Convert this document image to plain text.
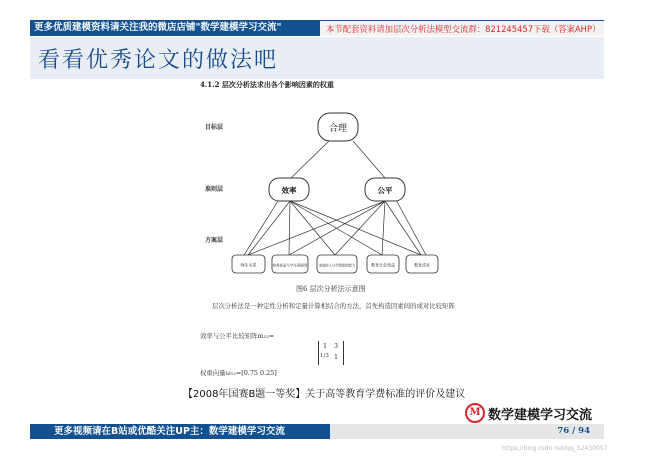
更多优质建模资料请关注我的微店店铺"数学建模学习交流"	本节配套资料请加层次分析法模型交流群：821245457下载（答案AHP）
看看优秀论文的做法吧
4.1.2 层次分析法求出各个影响因素的权重
目标层
准则层
方案层
合理
效率	公平
师生关系	培养质量与学生满意度	家庭收入与学费承担能力	教育社会效益	教育成本
图6 层次分析法示意图
层次分析法是一种定性分析和定量计算相结合的方法，首先构造因素间的成对比较矩阵
效率与公平比较矩阵m₁₂=
1 3
1/3 1
权重向量ω₁₂=[0.75 0.25]
【2008年国赛B题一等奖】关于高等教育学费标准的评价及建议
M 数学建模学习交流
更多视频请在B站或优酷关注UP主：数学建模学习交流	76 / 94
https://blog.csdn.net/qq_52430057
